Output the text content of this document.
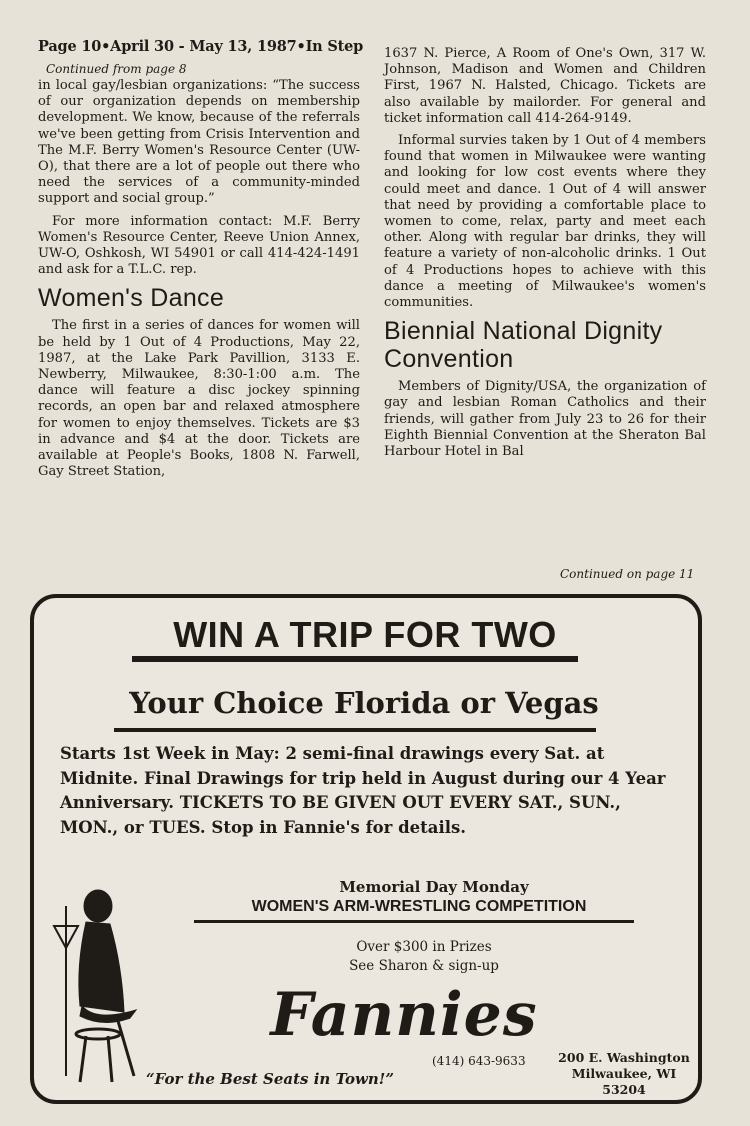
Page 10•April 30 - May 13, 1987•In Step
Continued from page 8

in local gay/lesbian organizations: “The success of our organization depends on membership development. We know, because of the referrals we've been getting from Crisis Intervention and The M.F. Berry Women's Resource Center (UW-O), that there are a lot of people out there who need the services of a community-minded support and social group.”

For more information contact: M.F. Berry Women's Resource Center, Reeve Union Annex, UW-O, Oshkosh, WI 54901 or call 414-424-1491 and ask for a T.L.C. rep.

Women's Dance

The first in a series of dances for women will be held by 1 Out of 4 Productions, May 22, 1987, at the Lake Park Pavillion, 3133 E. Newberry, Milwaukee, 8:30-1:00 a.m. The dance will feature a disc jockey spinning records, an open bar and relaxed atmosphere for women to enjoy themselves. Tickets are $3 in advance and $4 at the door. Tickets are available at People's Books, 1808 N. Farwell, Gay Street Station,

1637 N. Pierce, A Room of One's Own, 317 W. Johnson, Madison and Women and Children First, 1967 N. Halsted, Chicago. Tickets are also available by mailorder. For general and ticket information call 414-264-9149.

Informal survies taken by 1 Out of 4 members found that women in Milwaukee were wanting and looking for low cost events where they could meet and dance. 1 Out of 4 will answer that need by providing a comfortable place to women to come, relax, party and meet each other. Along with regular bar drinks, they will feature a variety of non-alcoholic drinks. 1 Out of 4 Productions hopes to achieve with this dance a meeting of Milwaukee's women's communities.

Biennial National Dignity Convention

Members of Dignity/USA, the organization of gay and lesbian Roman Catholics and their friends, will gather from July 23 to 26 for their Eighth Biennial Convention at the Sheraton Bal Harbour Hotel in Bal

Continued on page 11
WIN A TRIP FOR TWO
Your Choice Florida or Vegas
Starts 1st Week in May: 2 semi-final drawings every Sat. at Midnite. Final Drawings for trip held in August during our 4 Year Anniversary. TICKETS TO BE GIVEN OUT EVERY SAT., SUN., MON., or TUES. Stop in Fannie's for details.
Memorial Day Monday
WOMEN'S ARM-WRESTLING COMPETITION
Over $300 in Prizes
See Sharon & sign-up
Fannies
“For the Best Seats in Town!”
(414) 643-9633	200 E. Washington
Milwaukee, WI 53204
